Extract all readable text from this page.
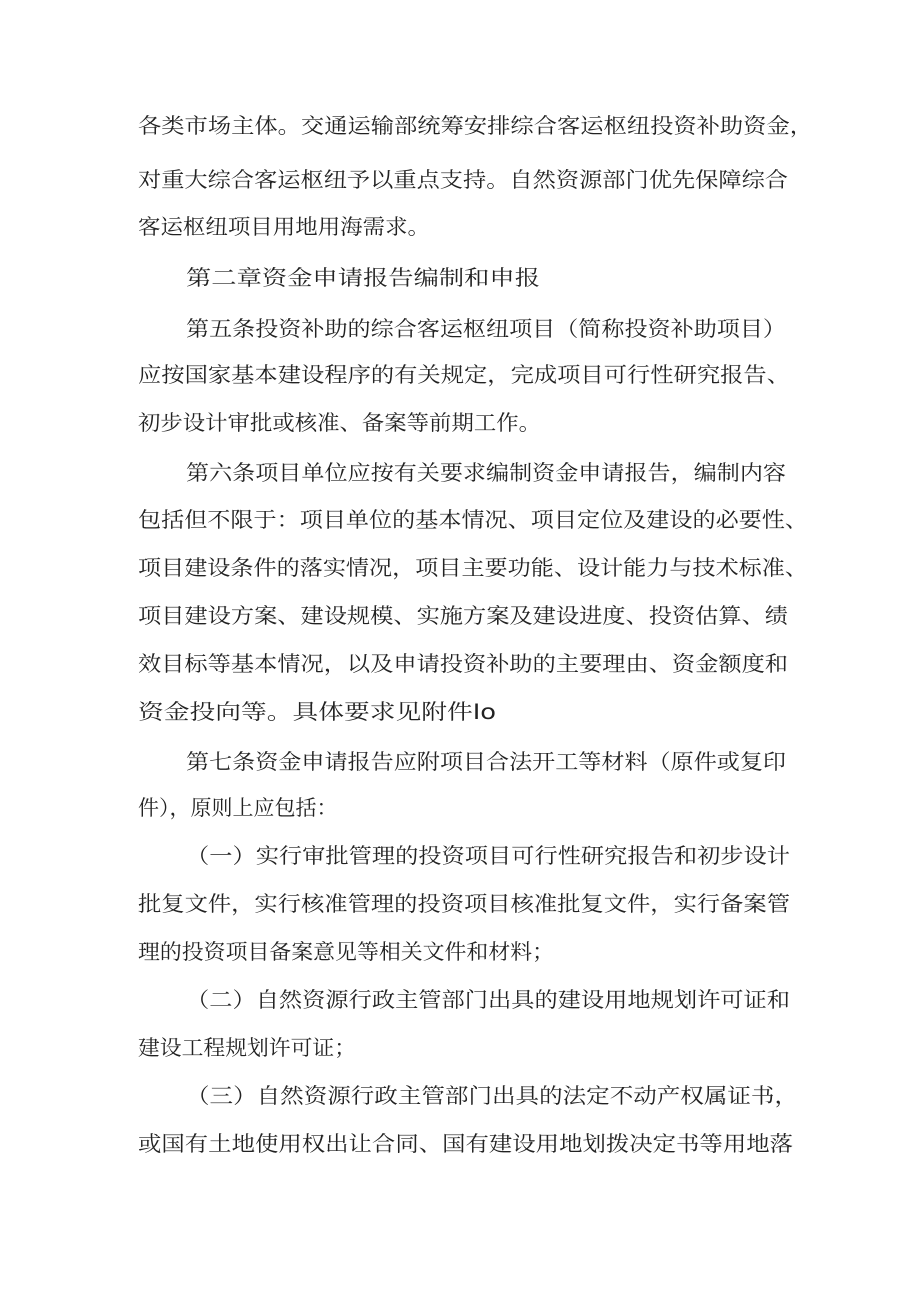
各类市场主体。交通运输部统筹安排综合客运枢纽投资补助资金，
对重大综合客运枢纽予以重点支持。自然资源部门优先保障综合
客运枢纽项目用地用海需求。
第二章资金申请报告编制和申报
第五条投资补助的综合客运枢纽项目（简称投资补助项目）
应按国家基本建设程序的有关规定，完成项目可行性研究报告、
初步设计审批或核准、备案等前期工作。
第六条项目单位应按有关要求编制资金申请报告，编制内容
包括但不限于：项目单位的基本情况、项目定位及建设的必要性、
项目建设条件的落实情况，项目主要功能、设计能力与技术标准、
项目建设方案、建设规模、实施方案及建设进度、投资估算、绩
效目标等基本情况，以及申请投资补助的主要理由、资金额度和
资金投向等。具体要求见附件Io
第七条资金申请报告应附项目合法开工等材料（原件或复印
件），原则上应包括：
（一）实行审批管理的投资项目可行性研究报告和初步设计
批复文件，实行核准管理的投资项目核准批复文件，实行备案管
理的投资项目备案意见等相关文件和材料；
（二）自然资源行政主管部门出具的建设用地规划许可证和
建设工程规划许可证；
（三）自然资源行政主管部门出具的法定不动产权属证书，
或国有土地使用权出让合同、国有建设用地划拨决定书等用地落
